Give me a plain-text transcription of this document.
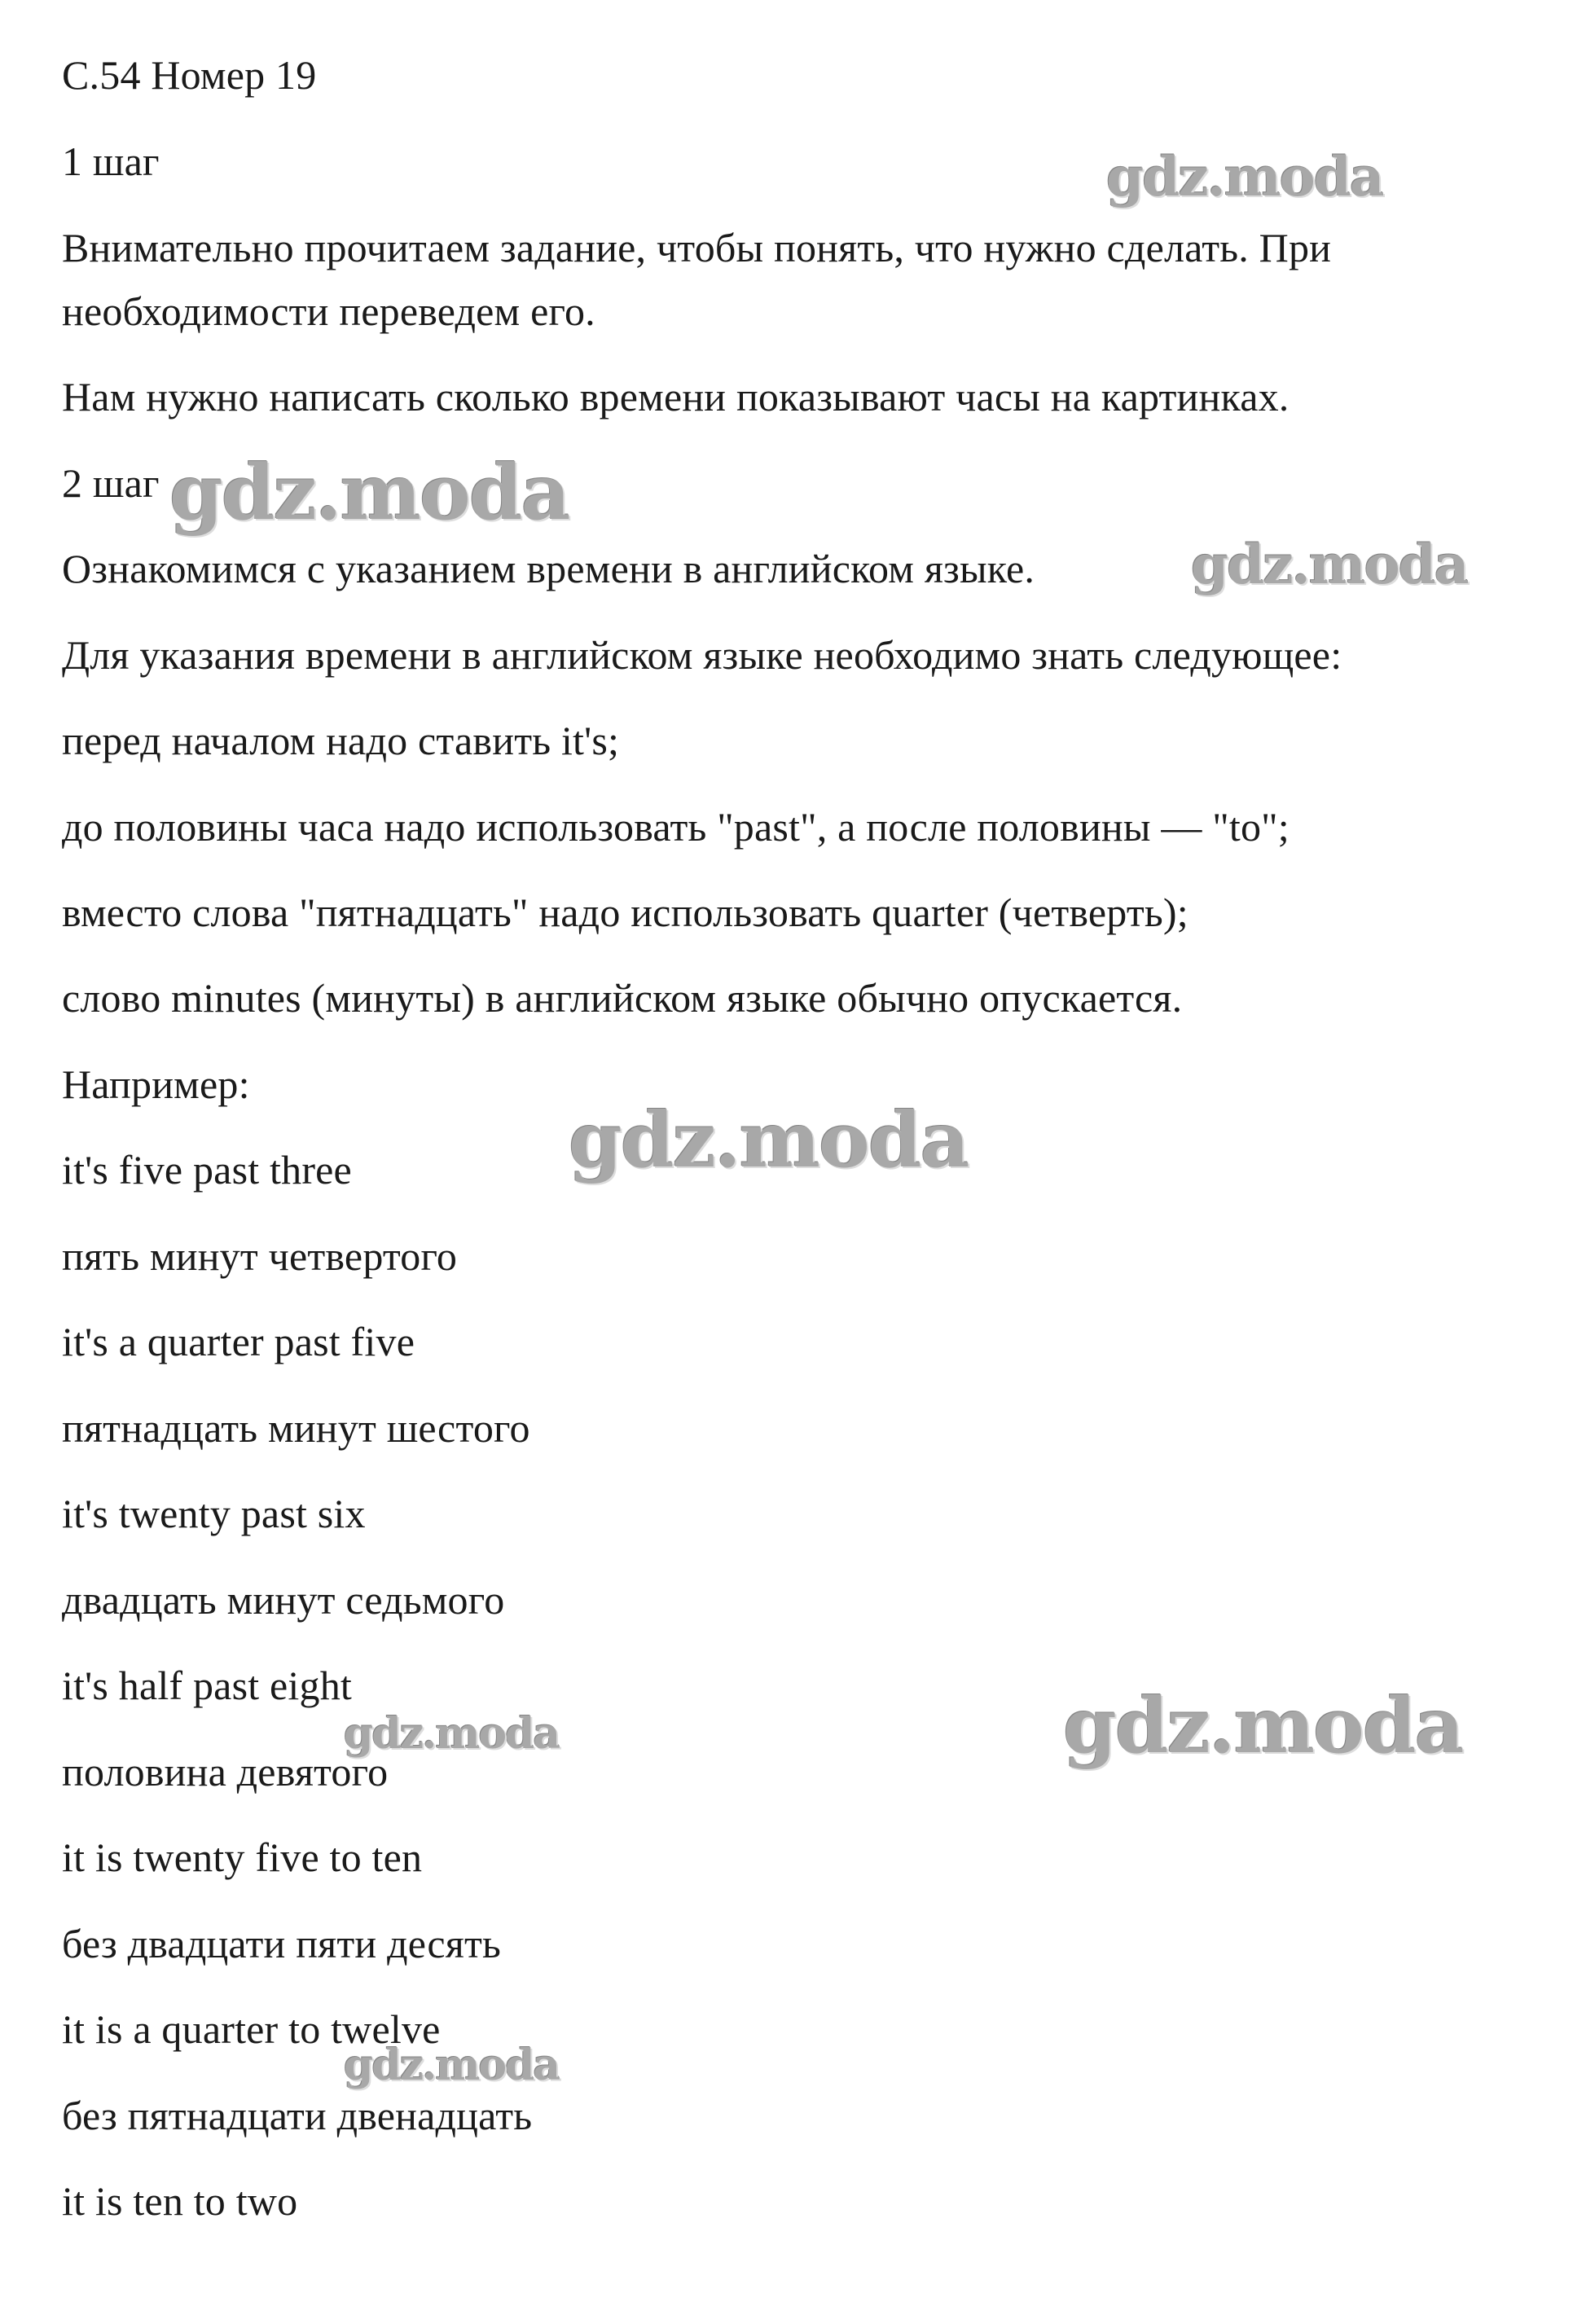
С.54 Номер 19
1 шаг
Внимательно прочитаем задание, чтобы понять, что нужно сделать. При
необходимости переведем его.
Нам нужно написать сколько времени показывают часы на картинках.
2 шаг
Ознакомимся с указанием времени в английском языке.
Для указания времени в английском языке необходимо знать следующее:
перед началом надо ставить it's;
до половины часа надо использовать "past", а после половины — "to";
вместо слова "пятнадцать" надо использовать quarter (четверть);
слово minutes (минуты) в английском языке обычно опускается.
Например:
it's five past three
пять минут четвертого
it's a quarter past five
пятнадцать минут шестого
it's twenty past six
двадцать минут седьмого
it's half past eight
половина девятого
it is twenty five to ten
без двадцати пяти десять
it is a quarter to twelve
без пятнадцати двенадцать
it is ten to two
gdz.moda
gdz.moda
gdz.moda
gdz.moda
gdz.moda
gdz.moda
gdz.moda
